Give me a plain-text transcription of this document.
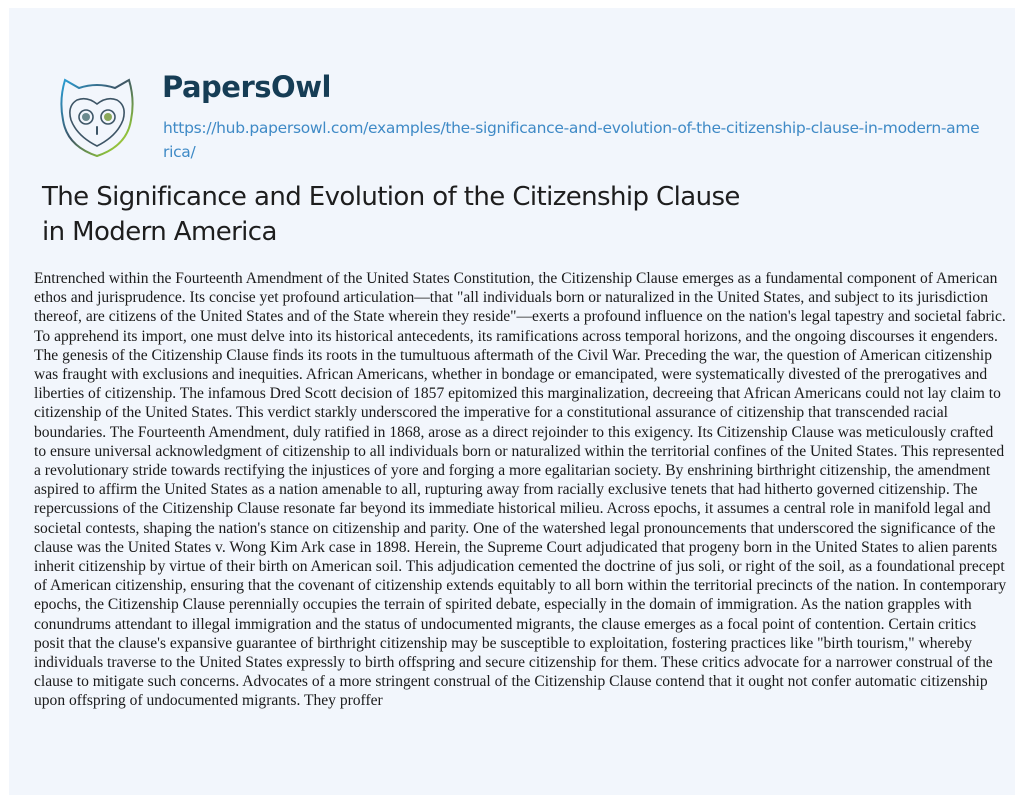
PapersOwl
https://hub.papersowl.com/examples/the-significance-and-evolution-of-the-citizenship-clause-in-modern-america/
The Significance and Evolution of the Citizenship Clause in Modern America

Entrenched within the Fourteenth Amendment of the United States Constitution, the Citizenship Clause emerges as a fundamental component of American ethos and jurisprudence. Its concise yet profound articulation—that "all individuals born or naturalized in the United States, and subject to its jurisdiction thereof, are citizens of the United States and of the State wherein they reside"—exerts a profound influence on the nation's legal tapestry and societal fabric. To apprehend its import, one must delve into its historical antecedents, its ramifications across temporal horizons, and the ongoing discourses it engenders. The genesis of the Citizenship Clause finds its roots in the tumultuous aftermath of the Civil War. Preceding the war, the question of American citizenship was fraught with exclusions and inequities. African Americans, whether in bondage or emancipated, were systematically divested of the prerogatives and liberties of citizenship. The infamous Dred Scott decision of 1857 epitomized this marginalization, decreeing that African Americans could not lay claim to citizenship of the United States. This verdict starkly underscored the imperative for a constitutional assurance of citizenship that transcended racial boundaries. The Fourteenth Amendment, duly ratified in 1868, arose as a direct rejoinder to this exigency. Its Citizenship Clause was meticulously crafted to ensure universal acknowledgment of citizenship to all individuals born or naturalized within the territorial confines of the United States. This represented a revolutionary stride towards rectifying the injustices of yore and forging a more egalitarian society. By enshrining birthright citizenship, the amendment aspired to affirm the United States as a nation amenable to all, rupturing away from racially exclusive tenets that had hitherto governed citizenship. The repercussions of the Citizenship Clause resonate far beyond its immediate historical milieu. Across epochs, it assumes a central role in manifold legal and societal contests, shaping the nation's stance on citizenship and parity. One of the watershed legal pronouncements that underscored the significance of the clause was the United States v. Wong Kim Ark case in 1898. Herein, the Supreme Court adjudicated that progeny born in the United States to alien parents inherit citizenship by virtue of their birth on American soil. This adjudication cemented the doctrine of jus soli, or right of the soil, as a foundational precept of American citizenship, ensuring that the covenant of citizenship extends equitably to all born within the territorial precincts of the nation. In contemporary epochs, the Citizenship Clause perennially occupies the terrain of spirited debate, especially in the domain of immigration. As the nation grapples with conundrums attendant to illegal immigration and the status of undocumented migrants, the clause emerges as a focal point of contention. Certain critics posit that the clause's expansive guarantee of birthright citizenship may be susceptible to exploitation, fostering practices like "birth tourism," whereby individuals traverse to the United States expressly to birth offspring and secure citizenship for them. These critics advocate for a narrower construal of the clause to mitigate such concerns. Advocates of a more stringent construal of the Citizenship Clause contend that it ought not confer automatic citizenship upon offspring of undocumented migrants. They proffer
